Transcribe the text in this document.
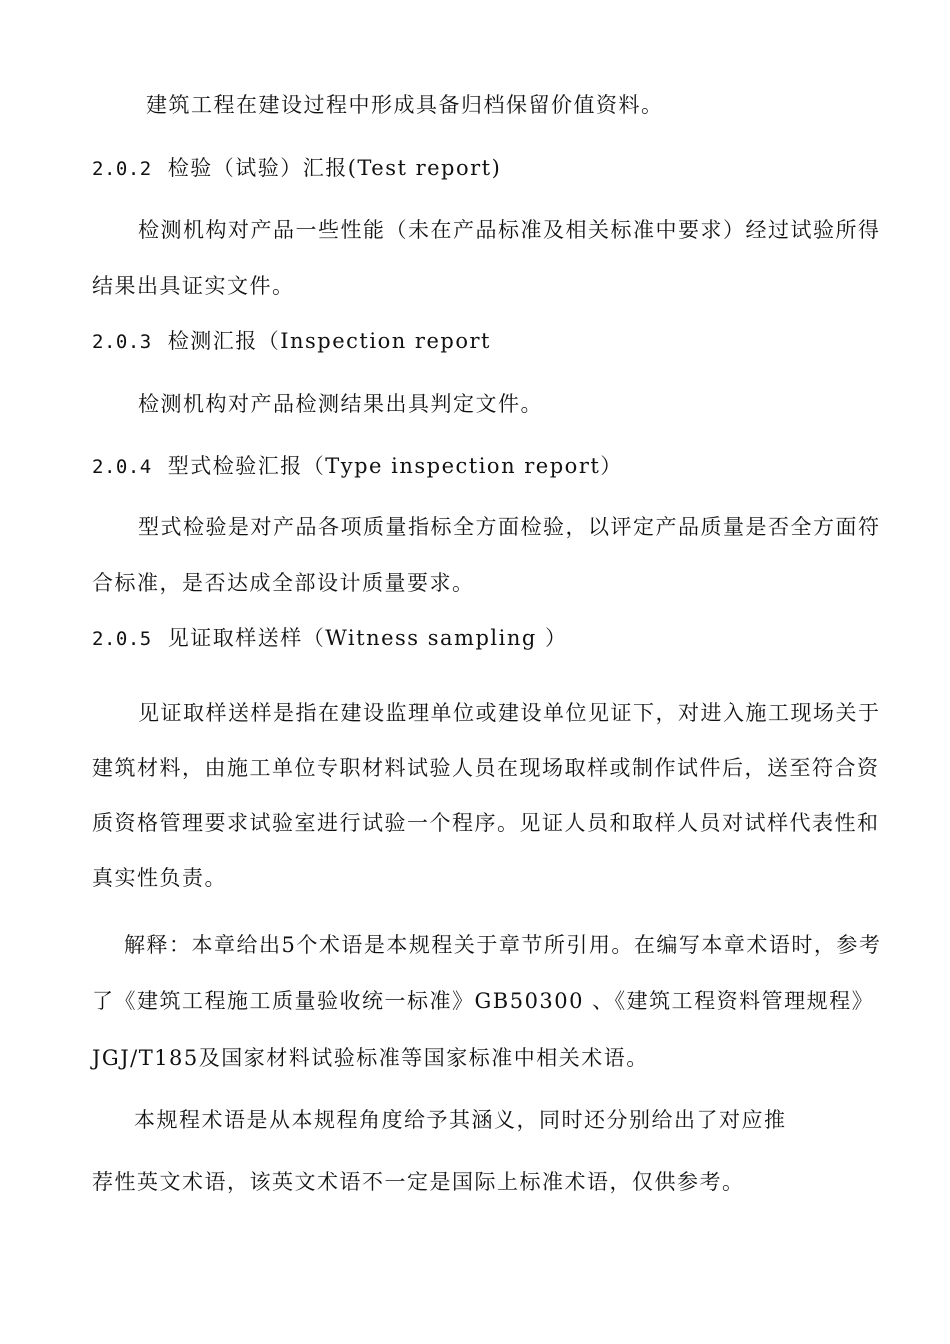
建筑工程在建设过程中形成具备归档保留价值资料。
2.0.2 检验（试验）汇报(Test report)
检测机构对产品一些性能（未在产品标准及相关标准中要求）经过试验所得
结果出具证实文件。
2.0.3 检测汇报（Inspection report
检测机构对产品检测结果出具判定文件。
2.0.4 型式检验汇报（Type inspection report）
型式检验是对产品各项质量指标全方面检验，以评定产品质量是否全方面符
合标准，是否达成全部设计质量要求。
2.0.5 见证取样送样（Witness sampling ）
见证取样送样是指在建设监理单位或建设单位见证下，对进入施工现场关于
建筑材料，由施工单位专职材料试验人员在现场取样或制作试件后，送至符合资
质资格管理要求试验室进行试验一个程序。见证人员和取样人员对试样代表性和
真实性负责。
解释：本章给出5个术语是本规程关于章节所引用。在编写本章术语时，参考
了《建筑工程施工质量验收统一标准》GB50300 、《建筑工程资料管理规程》
JGJ/T185及国家材料试验标准等国家标准中相关术语。
本规程术语是从本规程角度给予其涵义，同时还分别给出了对应推
荐性英文术语，该英文术语不一定是国际上标准术语，仅供参考。
